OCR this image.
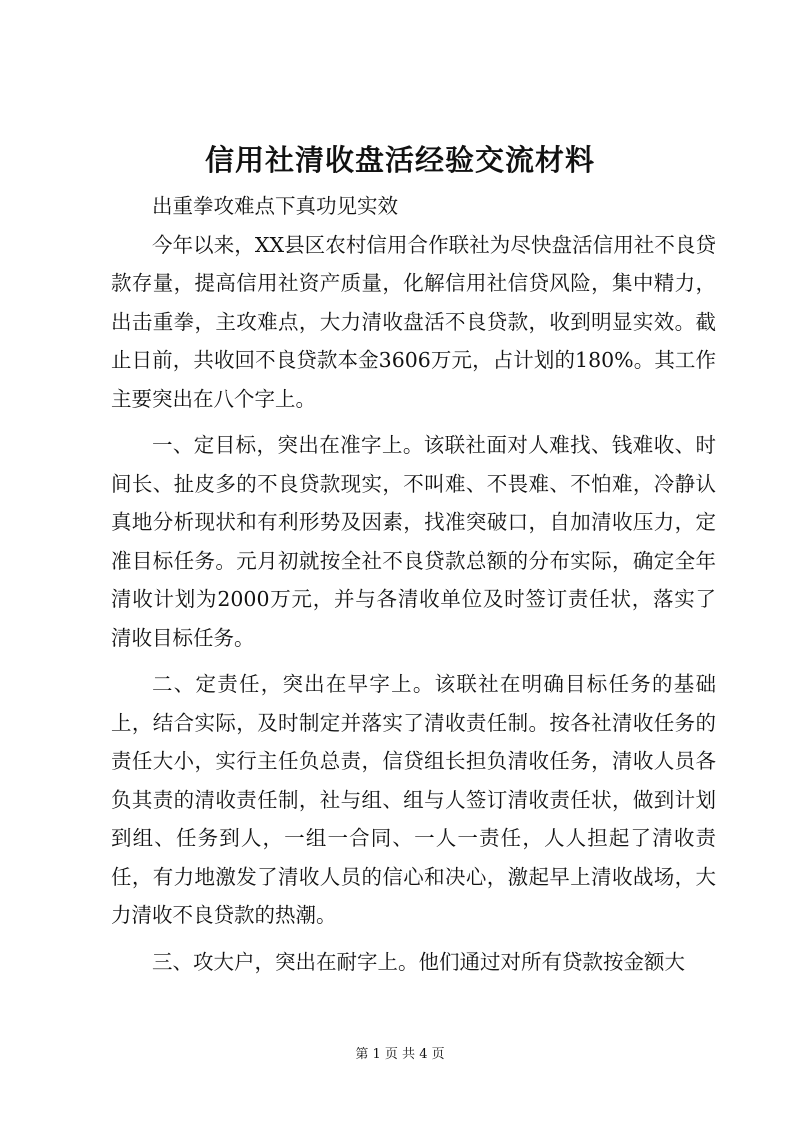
信用社清收盘活经验交流材料

出重拳攻难点下真功见实效

今年以来，XX县区农村信用合作联社为尽快盘活信用社不良贷款存量，提高信用社资产质量，化解信用社信贷风险，集中精力，出击重拳，主攻难点，大力清收盘活不良贷款，收到明显实效。截止日前，共收回不良贷款本金3606万元，占计划的180%。其工作主要突出在八个字上。

一、定目标，突出在准字上。该联社面对人难找、钱难收、时间长、扯皮多的不良贷款现实，不叫难、不畏难、不怕难，冷静认真地分析现状和有利形势及因素，找准突破口，自加清收压力，定准目标任务。元月初就按全社不良贷款总额的分布实际，确定全年清收计划为2000万元，并与各清收单位及时签订责任状，落实了清收目标任务。

二、定责任，突出在早字上。该联社在明确目标任务的基础上，结合实际，及时制定并落实了清收责任制。按各社清收任务的责任大小，实行主任负总责，信贷组长担负清收任务，清收人员各负其责的清收责任制，社与组、组与人签订清收责任状，做到计划到组、任务到人，一组一合同、一人一责任，人人担起了清收责任，有力地激发了清收人员的信心和决心，激起早上清收战场，大力清收不良贷款的热潮。

三、攻大户，突出在耐字上。他们通过对所有贷款按金额大

第 1 页 共 4 页
